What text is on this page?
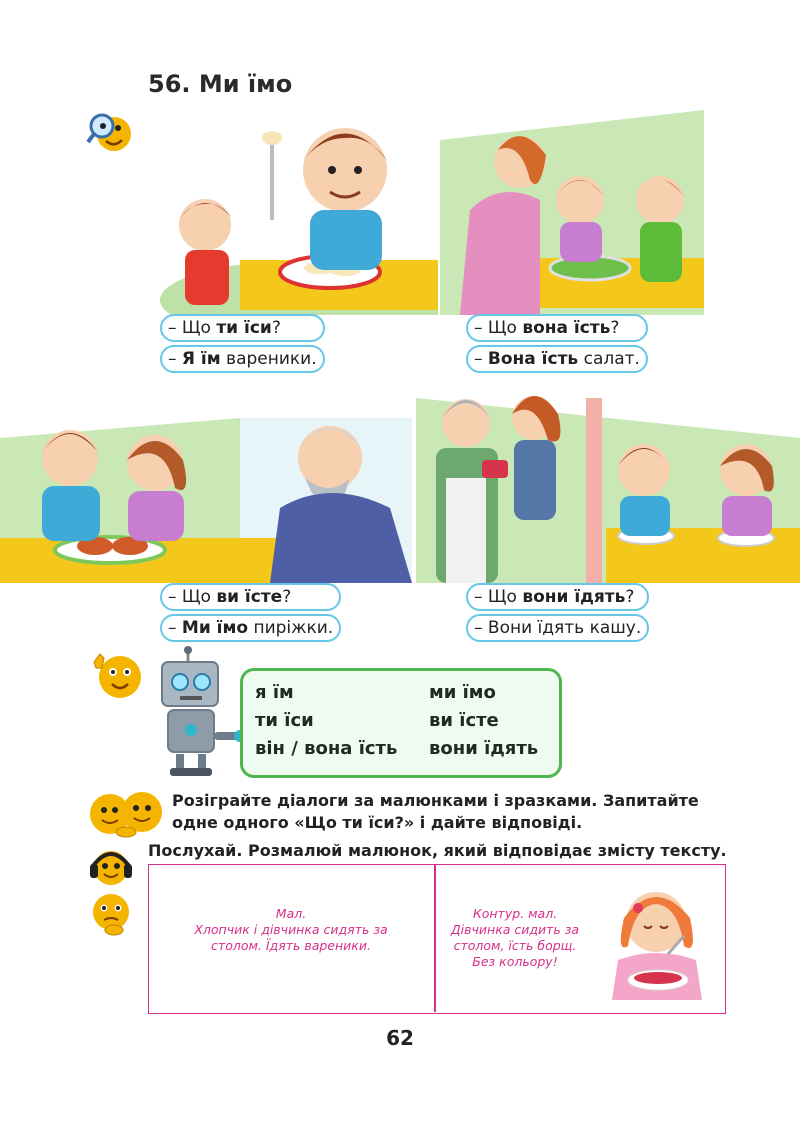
56. Ми їмо
– Що ти їси?
– Я їм вареники.
– Що вона їсть?
– Вона їсть салат.
– Що ви їсте?
– Ми їмо пиріжки.
– Що вони їдять?
– Вони їдять кашу.
я їм
ти їси
він / вона їсть
ми їмо
ви їсте
вони їдять
Розіграйте діалоги за малюнками і зразками. Запитайте одне одного «Що ти їси?» і дайте відповіді.
Послухай. Розмалюй малюнок, який відповідає змісту тексту.
Мал.
Хлопчик і дівчинка сидять за
столом. Їдять вареники.
Контур. мал.
Дівчинка сидить за
столом, їсть борщ.
Без кольору!
62
